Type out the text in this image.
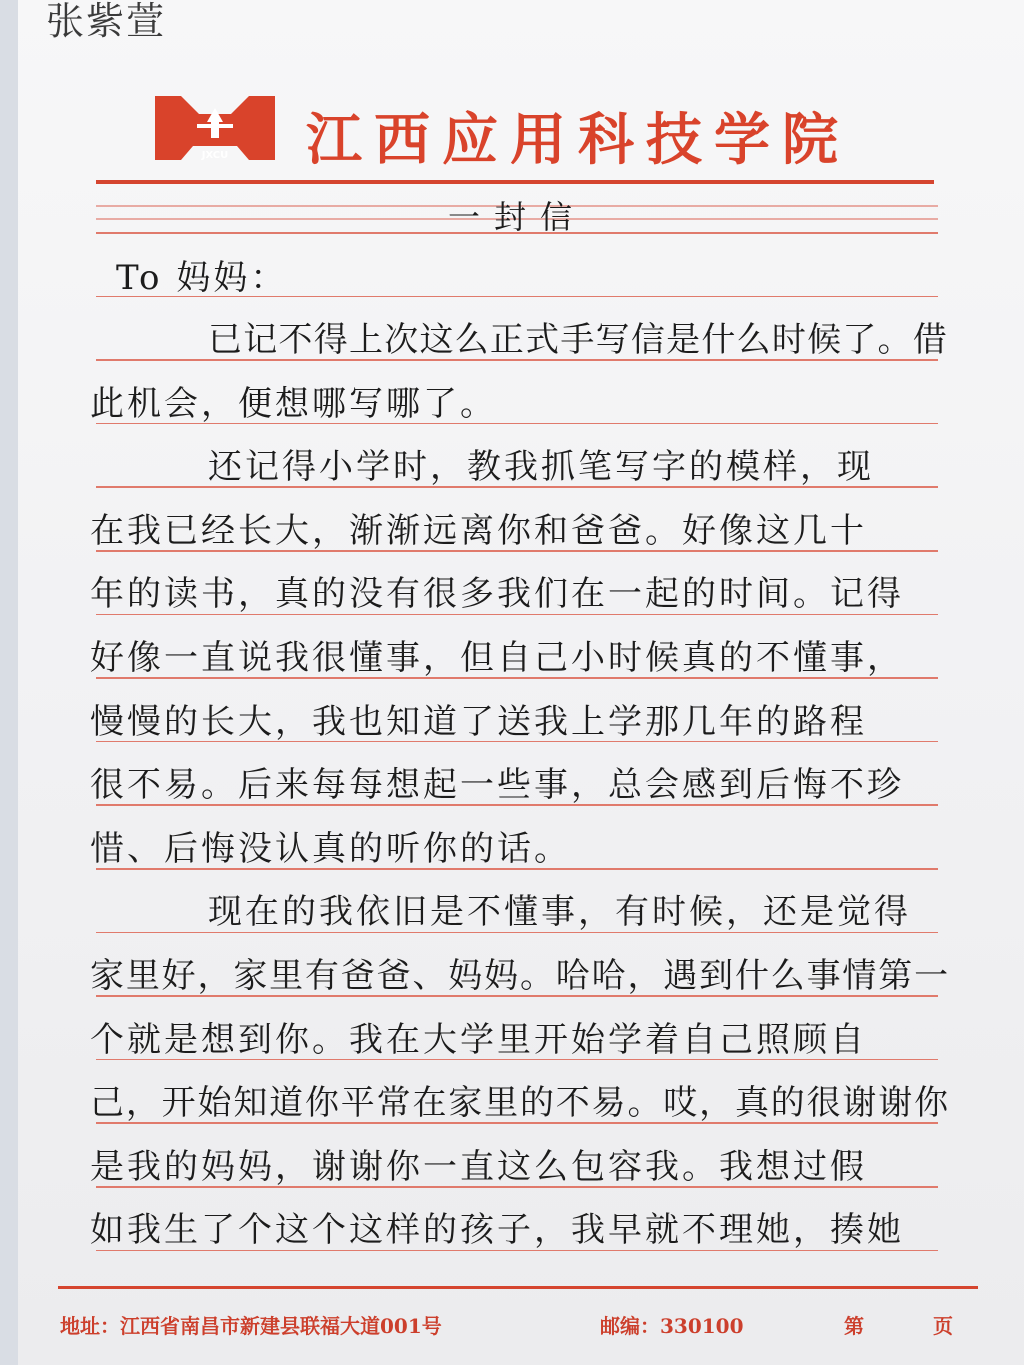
张紫萱
JXCU 江西应用科技学院
一封信
To 妈妈：
已记不得上次这么正式手写信是什么时候了。借
此机会，便想哪写哪了。
还记得小学时，教我抓笔写字的模样，现
在我已经长大，渐渐远离你和爸爸。好像这几十
年的读书，真的没有很多我们在一起的时间。记得
好像一直说我很懂事，但自己小时候真的不懂事，
慢慢的长大，我也知道了送我上学那几年的路程
很不易。后来每每想起一些事，总会感到后悔不珍
惜、后悔没认真的听你的话。
现在的我依旧是不懂事，有时候，还是觉得
家里好，家里有爸爸、妈妈。哈哈，遇到什么事情第一
个就是想到你。我在大学里开始学着自己照顾自
己，开始知道你平常在家里的不易。哎，真的很谢谢你
是我的妈妈，谢谢你一直这么包容我。我想过假
如我生了个这个这样的孩子，我早就不理她，揍她
地址：江西省南昌市新建县联福大道001号	邮编：330100	第	页
